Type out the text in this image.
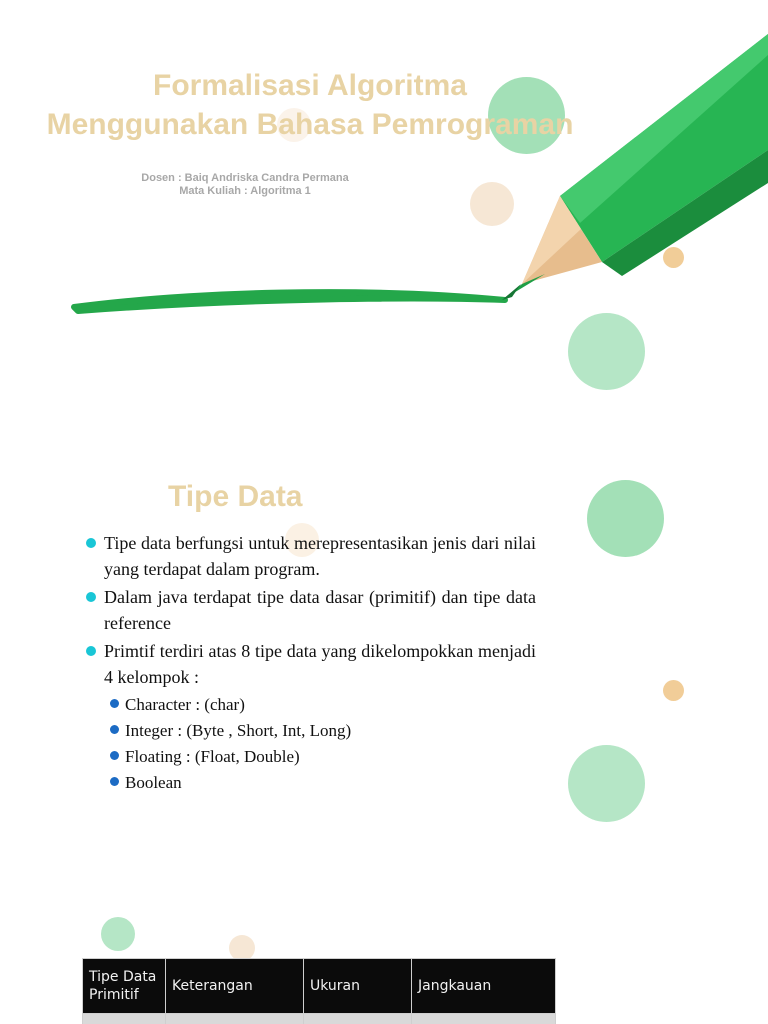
Formalisasi Algoritma
Menggunakan Bahasa Pemrograman
Dosen : Baiq Andriska Candra Permana
Mata Kuliah : Algoritma 1
Tipe Data
Tipe data berfungsi untuk merepresentasikan jenis dari nilai yang terdapat dalam program.
Dalam java terdapat tipe data dasar (primitif) dan tipe data reference
Primtif terdiri atas 8 tipe data yang dikelompokkan menjadi 4 kelompok :
Character : (char)
Integer : (Byte , Short, Int, Long)
Floating : (Float, Double)
Boolean
Tipe Data Primitif	Keterangan	Ukuran	Jangkauan
